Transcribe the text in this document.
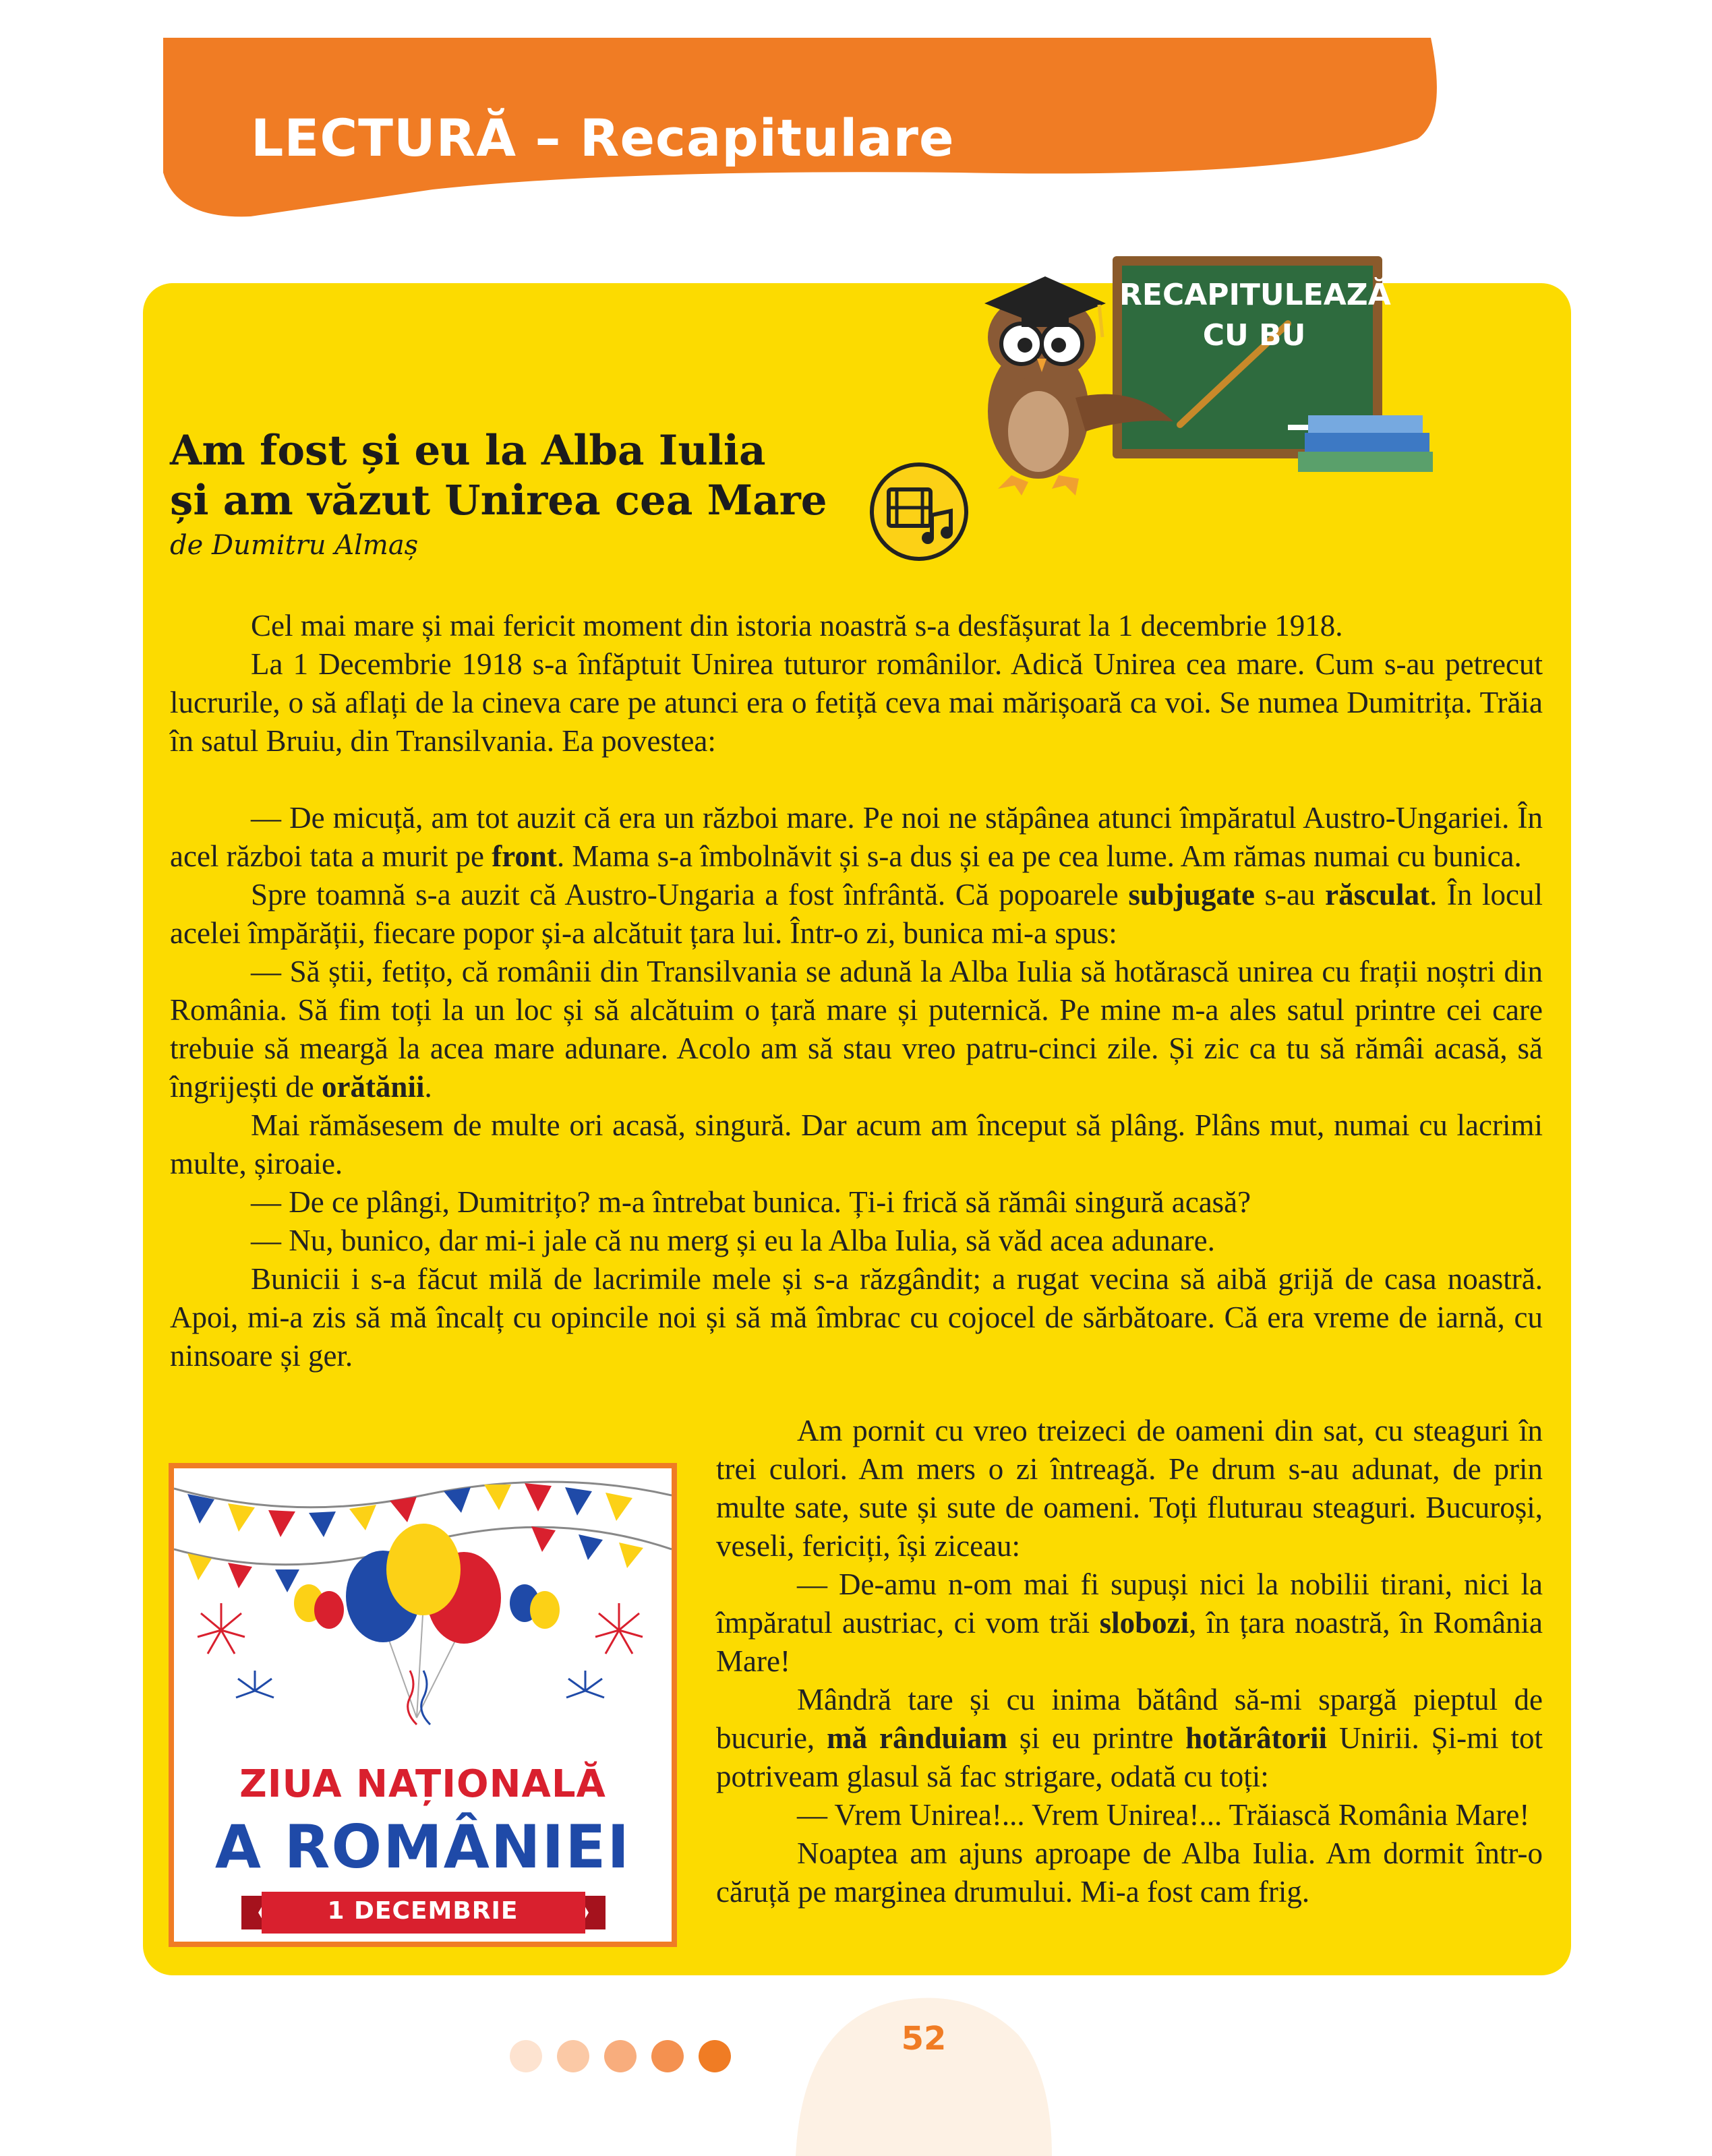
LECTURĂ – Recapitulare
RECAPITULEAZĂ
CU BU
Am fost și eu la Alba Iulia
și am văzut Unirea cea Mare
de Dumitru Almaș

Cel mai mare și mai fericit moment din istoria noastră s-a desfășurat la 1 decembrie 1918.

La 1 Decembrie 1918 s-a înfăptuit Unirea tuturor românilor. Adică Unirea cea mare. Cum s-au petrecut lucrurile, o să aflați de la cineva care pe atunci era o fetiță ceva mai mărișoară ca voi. Se numea Dumitrița. Trăia în satul Bruiu, din Transilvania. Ea povestea:

— De micuță, am tot auzit că era un război mare. Pe noi ne stăpânea atunci împăratul Austro-Ungariei. În acel război tata a murit pe front. Mama s-a îmbolnăvit și s-a dus și ea pe cea lume. Am rămas numai cu bunica.

Spre toamnă s-a auzit că Austro-Ungaria a fost înfrântă. Că popoarele subjugate s-au răsculat. În locul acelei împărății, fiecare popor și-a alcătuit țara lui. Într-o zi, bunica mi-a spus:

— Să știi, fetițo, că românii din Transilvania se adună la Alba Iulia să hotărască unirea cu frații noștri din România. Să fim toți la un loc și să alcătuim o țară mare și puternică. Pe mine m-a ales satul printre cei care trebuie să meargă la acea mare adunare. Acolo am să stau vreo patru-cinci zile. Și zic ca tu să rămâi acasă, să îngrijești de orătănii.

Mai rămăsesem de multe ori acasă, singură. Dar acum am început să plâng. Plâns mut, numai cu lacrimi multe, șiroaie.

— De ce plângi, Dumitrițo? m-a întrebat bunica. Ți-i frică să rămâi singură acasă?

— Nu, bunico, dar mi-i jale că nu merg și eu la Alba Iulia, să văd acea adunare.

Bunicii i s-a făcut milă de lacrimile mele și s-a răzgândit; a rugat vecina să aibă grijă de casa noastră. Apoi, mi-a zis să mă încalț cu opincile noi și să mă îmbrac cu cojocel de sărbătoare. Că era vreme de iarnă, cu ninsoare și ger.

Am pornit cu vreo treizeci de oameni din sat, cu steaguri în trei culori. Am mers o zi întreagă. Pe drum s-au adunat, de prin multe sate, sute și sute de oameni. Toți fluturau steaguri. Bucuroși, veseli, fericiți, își ziceau:

— De-amu n-om mai fi supuși nici la nobilii tirani, nici la împăratul austriac, ci vom trăi slobozi, în țara noastră, în România Mare!

Mândră tare și cu inima bătând să-mi spargă pieptul de bucurie, mă rânduiam și eu printre hotărâtorii Unirii. Și-mi tot potriveam glasul să fac strigare, odată cu toți:

— Vrem Unirea!... Vrem Unirea!... Trăiască România Mare!

Noaptea am ajuns aproape de Alba Iulia. Am dormit într-o căruță pe marginea drumului. Mi-a fost cam frig.

ZIUA NAȚIONALĂ
A ROMÂNIEI
1 DECEMBRIE
52
